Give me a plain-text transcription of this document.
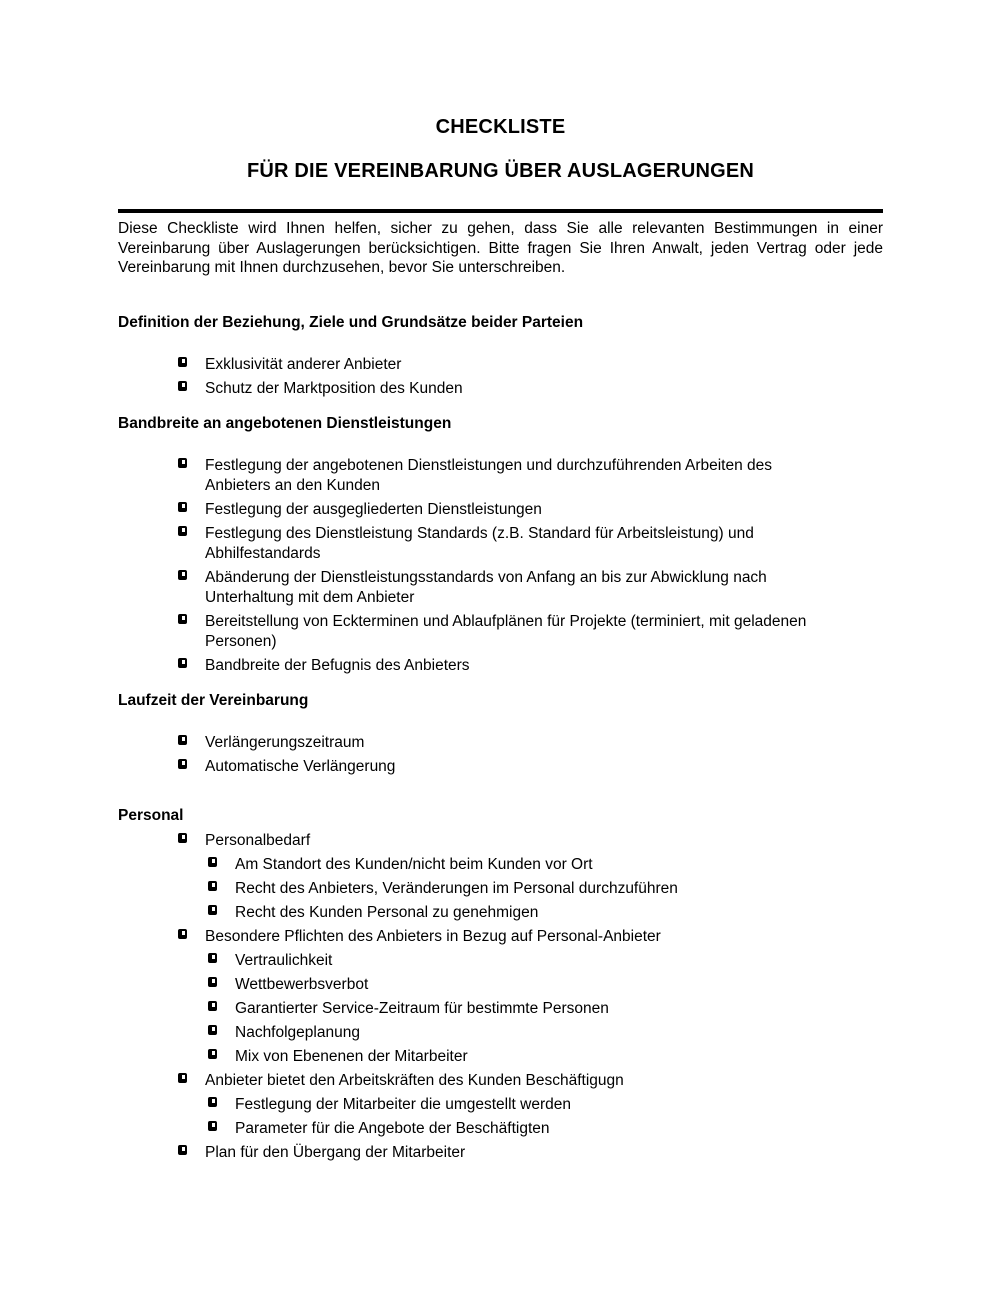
CHECKLISTE
FÜR DIE VEREINBARUNG ÜBER AUSLAGERUNGEN

Diese Checkliste wird Ihnen helfen, sicher zu gehen, dass Sie alle relevanten Bestimmungen in einer Vereinbarung über Auslagerungen berücksichtigen. Bitte fragen Sie Ihren Anwalt, jeden Vertrag oder jede Vereinbarung mit Ihnen durchzusehen, bevor Sie unterschreiben.

Definition der Beziehung, Ziele und Grundsätze beider Parteien
Exklusivität anderer Anbieter
Schutz der Marktposition des Kunden
Bandbreite an angebotenen Dienstleistungen
Festlegung der angebotenen Dienstleistungen und durchzuführenden Arbeiten des Anbieters an den Kunden
Festlegung der ausgegliederten Dienstleistungen
Festlegung des Dienstleistung Standards (z.B. Standard für Arbeitsleistung) und Abhilfestandards
Abänderung der Dienstleistungsstandards von Anfang an bis zur Abwicklung nach Unterhaltung mit dem Anbieter
Bereitstellung von Eckterminen und Ablaufplänen für Projekte (terminiert, mit geladenen Personen)
Bandbreite der Befugnis des Anbieters
Laufzeit der Vereinbarung
Verlängerungszeitraum
Automatische Verlängerung
Personal
Personalbedarf
Am Standort des Kunden/nicht beim Kunden vor Ort
Recht des Anbieters, Veränderungen im Personal durchzuführen
Recht des Kunden Personal zu genehmigen
Besondere Pflichten des Anbieters in Bezug auf Personal-Anbieter
Vertraulichkeit
Wettbewerbsverbot
Garantierter Service-Zeitraum für bestimmte Personen
Nachfolgeplanung
Mix von Ebenenen der Mitarbeiter
Anbieter bietet den Arbeitskräften des Kunden Beschäftigugn
Festlegung der Mitarbeiter die umgestellt werden
Parameter für die Angebote der Beschäftigten
Plan für den Übergang der Mitarbeiter
